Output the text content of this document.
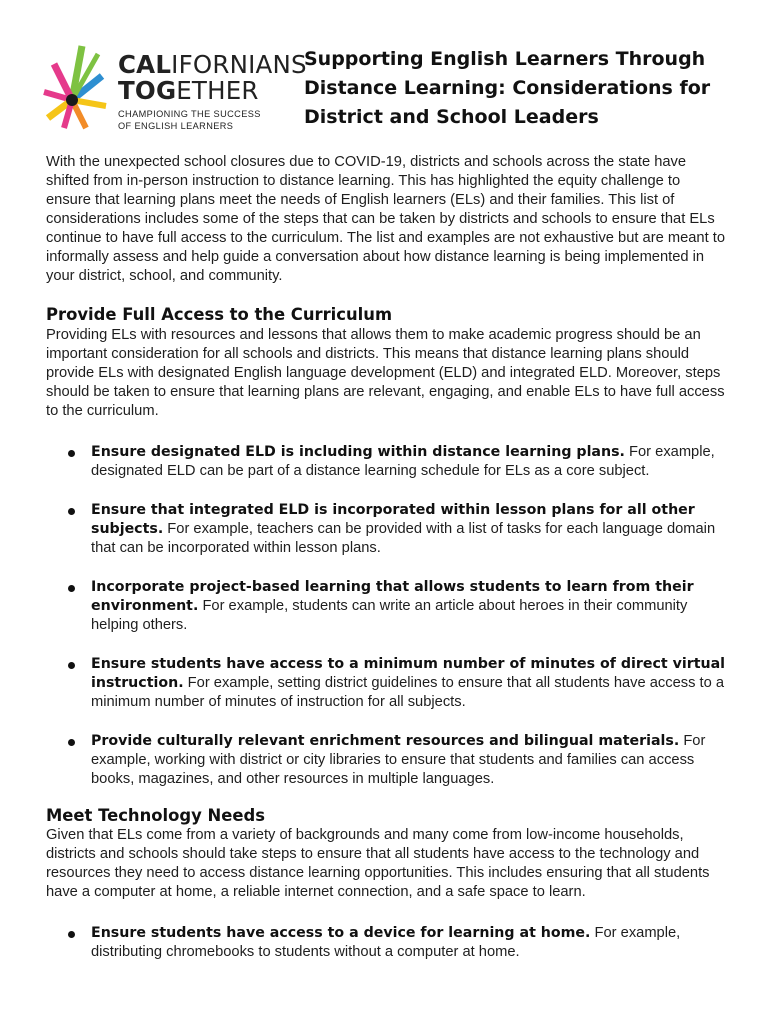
CALIFORNIANS
TOGETHER
CHAMPIONING THE SUCCESS
OF ENGLISH LEARNERS
Supporting English Learners Through Distance Learning: Considerations for District and School Leaders

With the unexpected school closures due to COVID-19, districts and schools across the state have shifted from in-person instruction to distance learning. This has highlighted the equity challenge to ensure that learning plans meet the needs of English learners (ELs) and their families. This list of considerations includes some of the steps that can be taken by districts and schools to ensure that ELs continue to have full access to the curriculum. The list and examples are not exhaustive but are meant to informally assess and help guide a conversation about how distance learning is being implemented in your district, school, and community.

Provide Full Access to the Curriculum

Providing ELs with resources and lessons that allows them to make academic progress should be an important consideration for all schools and districts. This means that distance learning plans should provide ELs with designated English language development (ELD) and integrated ELD. Moreover, steps should be taken to ensure that learning plans are relevant, engaging, and enable ELs to have full access to the curriculum.

Ensure designated ELD is including within distance learning plans. For example, designated ELD can be part of a distance learning schedule for ELs as a core subject.
Ensure that integrated ELD is incorporated within lesson plans for all other subjects. For example, teachers can be provided with a list of tasks for each language domain that can be incorporated within lesson plans.
Incorporate project-based learning that allows students to learn from their environment. For example, students can write an article about heroes in their community helping others.
Ensure students have access to a minimum number of minutes of direct virtual instruction. For example, setting district guidelines to ensure that all students have access to a minimum number of minutes of instruction for all subjects.
Provide culturally relevant enrichment resources and bilingual materials. For example, working with district or city libraries to ensure that students and families can access books, magazines, and other resources in multiple languages.
Meet Technology Needs

Given that ELs come from a variety of backgrounds and many come from low-income households, districts and schools should take steps to ensure that all students have access to the technology and resources they need to access distance learning opportunities. This includes ensuring that all students have a computer at home, a reliable internet connection, and a safe space to learn.

Ensure students have access to a device for learning at home. For example, distributing chromebooks to students without a computer at home.
